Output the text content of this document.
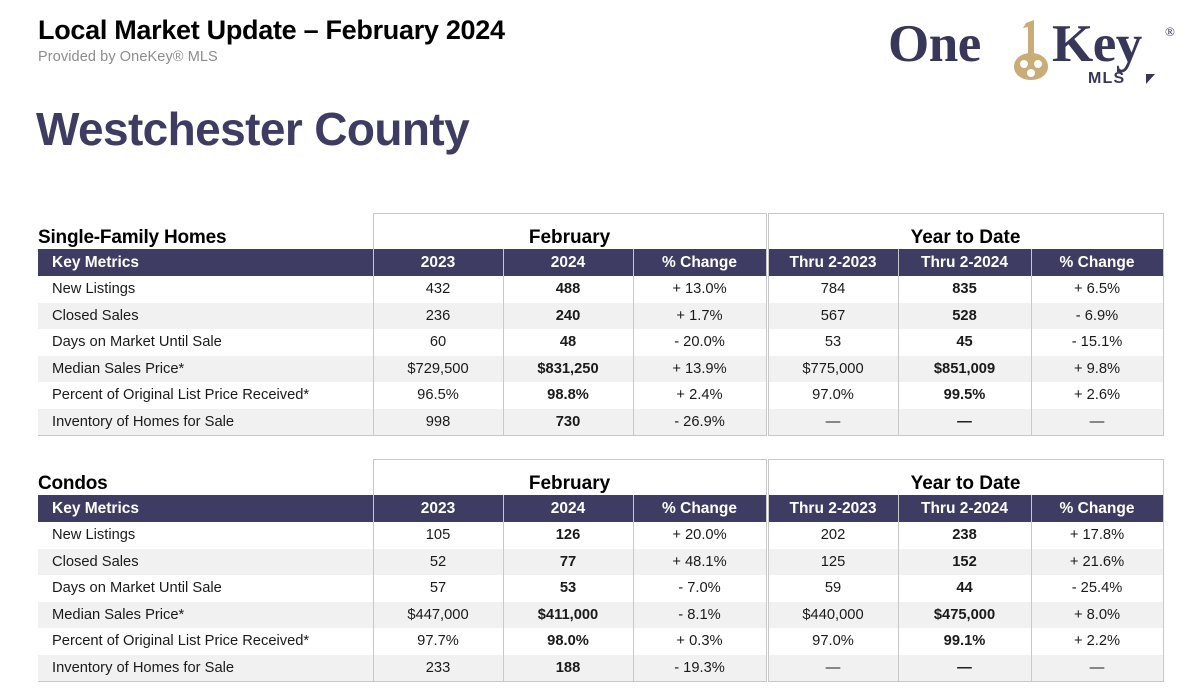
Local Market Update – February 2024
Provided by OneKey® MLS	One Key ®
MLS
Westchester County
Single-Family Homes	February				Year to Date		
Key Metrics	2023	2024	% Change		Thru 2-2023	Thru 2-2024	% Change
New Listings	432	488	+ 13.0%		784	835	+ 6.5%
Closed Sales	236	240	+ 1.7%		567	528	- 6.9%
Days on Market Until Sale	60	48	- 20.0%		53	45	- 15.1%
Median Sales Price*	$729,500	$831,250	+ 13.9%		$775,000	$851,009	+ 9.8%
Percent of Original List Price Received*	96.5%	98.8%	+ 2.4%		97.0%	99.5%	+ 2.6%
Inventory of Homes for Sale	998	730	- 26.9%		—	—	—
Condos	February				Year to Date		
Key Metrics	2023	2024	% Change		Thru 2-2023	Thru 2-2024	% Change
New Listings	105	126	+ 20.0%		202	238	+ 17.8%
Closed Sales	52	77	+ 48.1%		125	152	+ 21.6%
Days on Market Until Sale	57	53	- 7.0%		59	44	- 25.4%
Median Sales Price*	$447,000	$411,000	- 8.1%		$440,000	$475,000	+ 8.0%
Percent of Original List Price Received*	97.7%	98.0%	+ 0.3%		97.0%	99.1%	+ 2.2%
Inventory of Homes for Sale	233	188	- 19.3%		—	—	—
